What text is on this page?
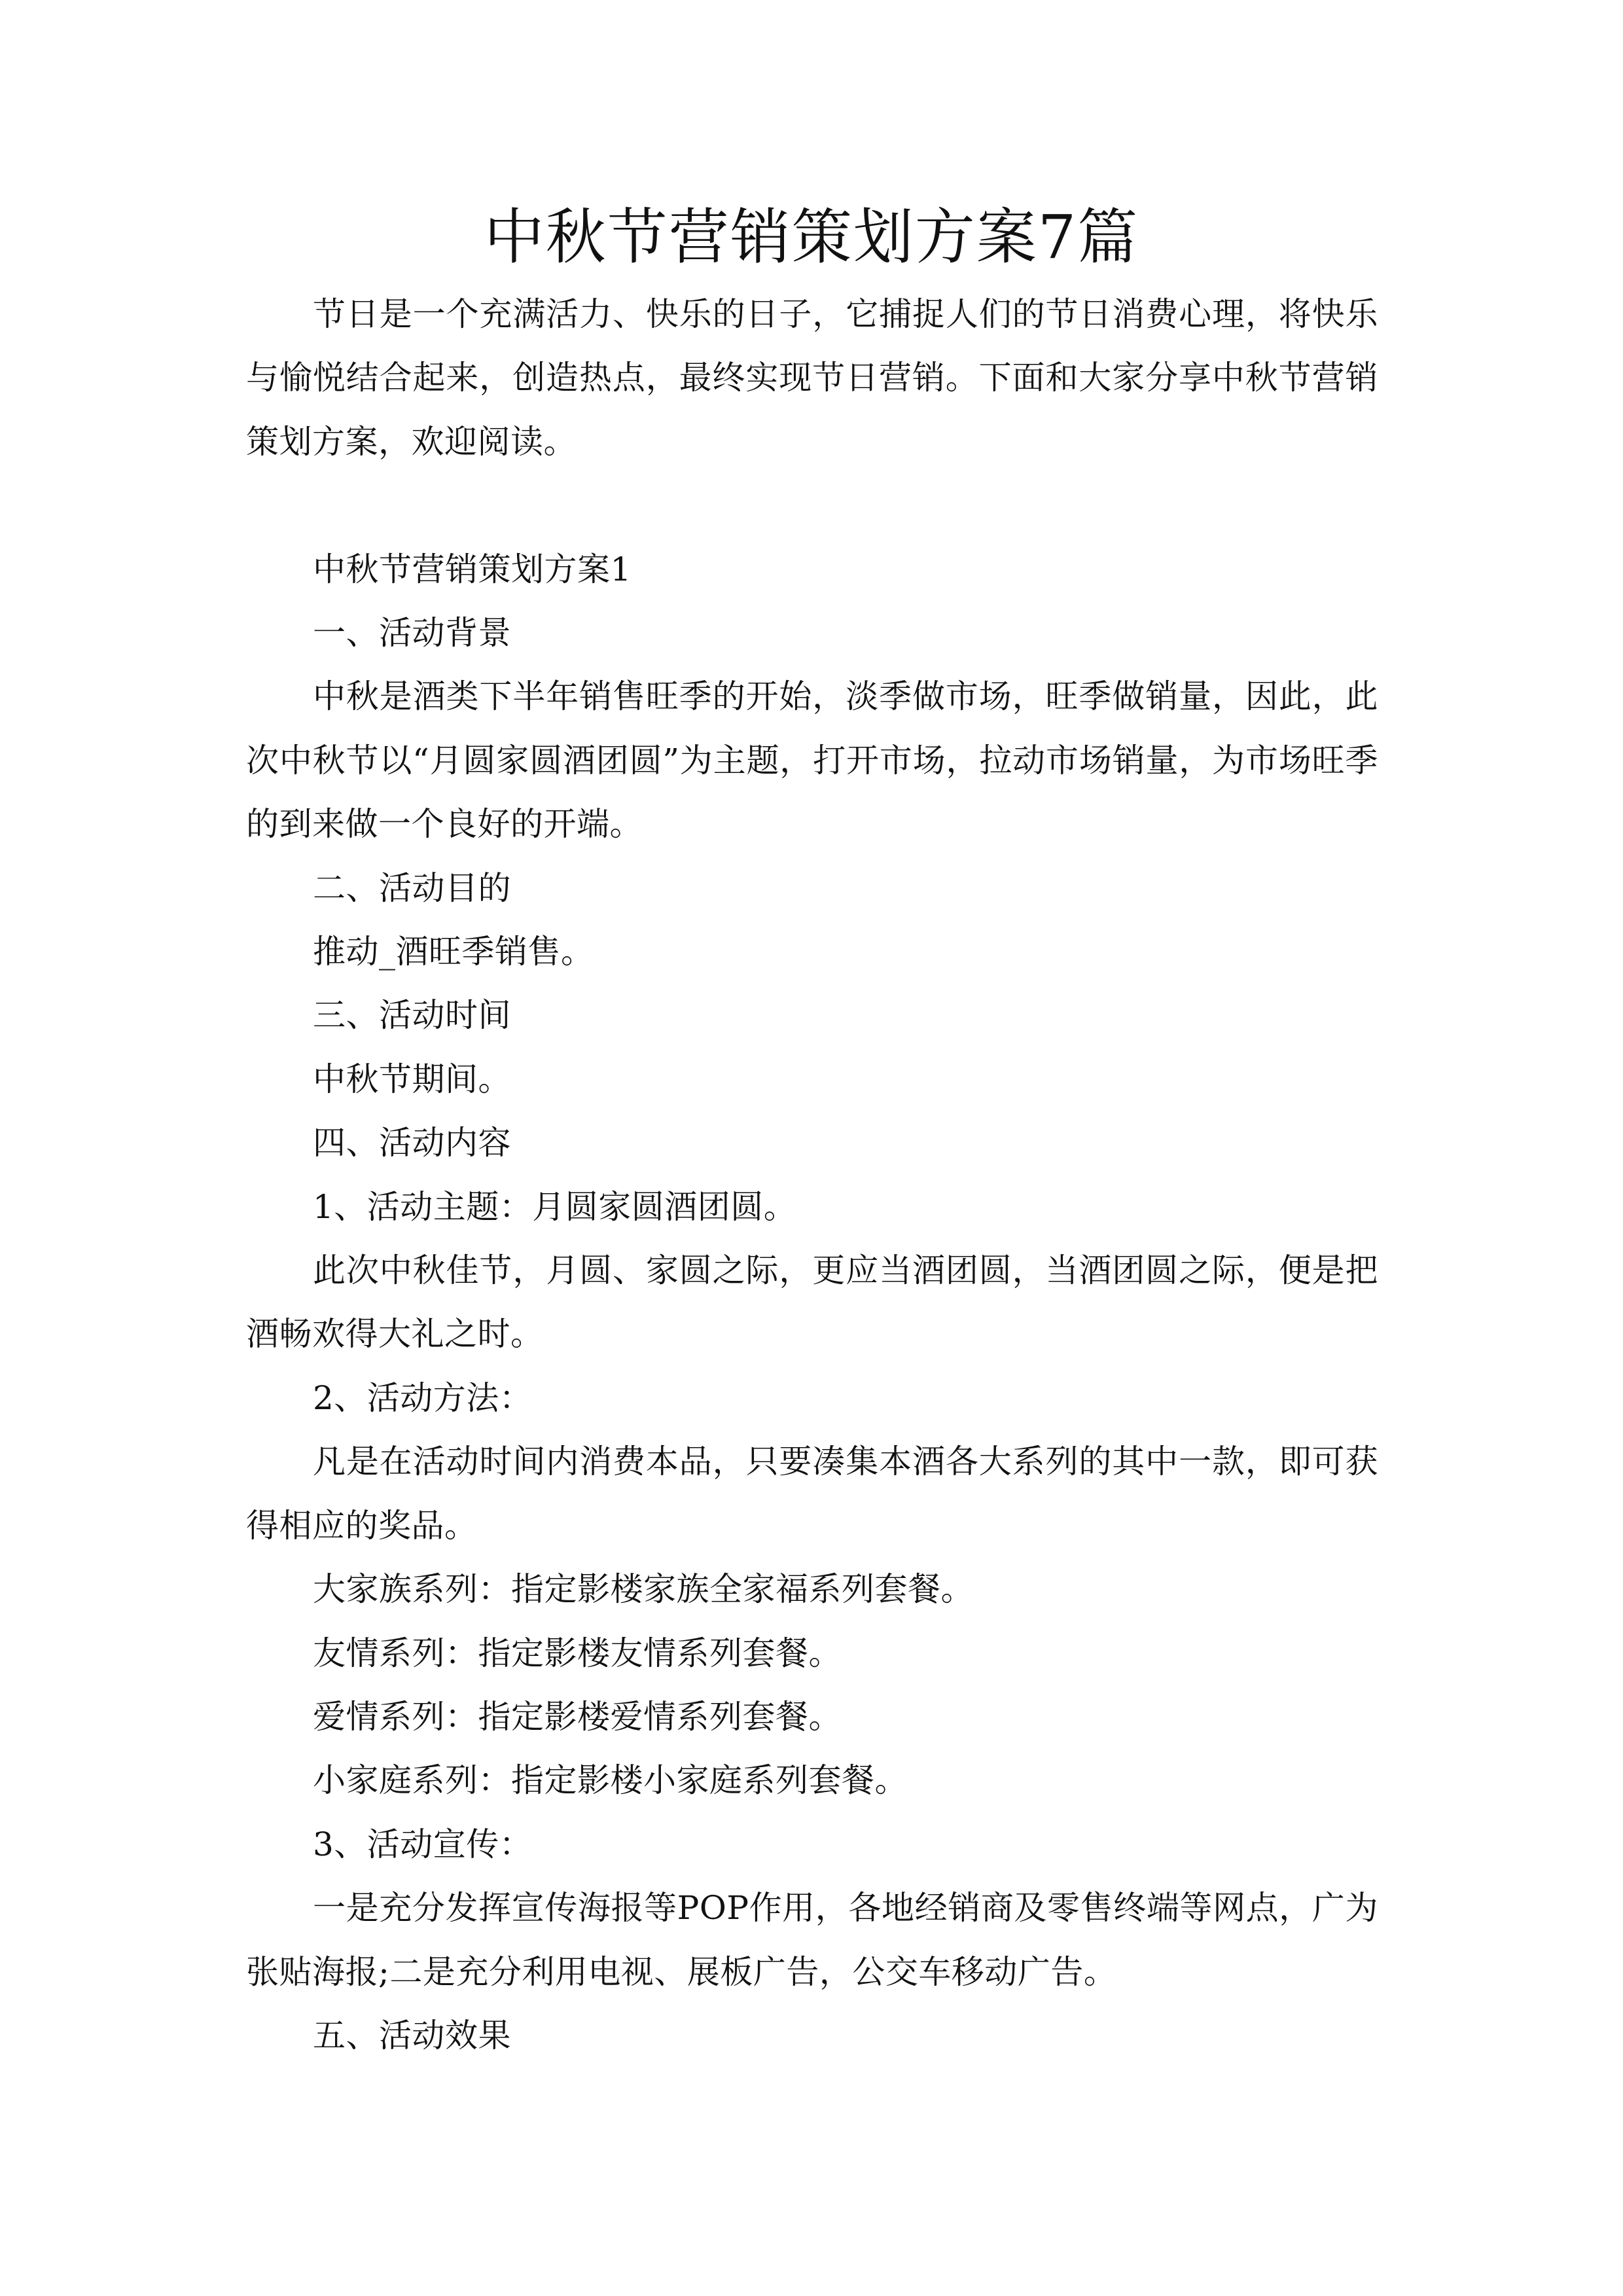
中秋节营销策划方案7篇

节日是一个充满活力、快乐的日子，它捕捉人们的节日消费心理，将快乐与愉悦结合起来，创造热点，最终实现节日营销。下面和大家分享中秋节营销策划方案，欢迎阅读。

中秋节营销策划方案1

一、活动背景

中秋是酒类下半年销售旺季的开始，淡季做市场，旺季做销量，因此，此次中秋节以“月圆家圆酒团圆”为主题，打开市场，拉动市场销量，为市场旺季的到来做一个良好的开端。

二、活动目的

推动_酒旺季销售。

三、活动时间

中秋节期间。

四、活动内容

1、活动主题：月圆家圆酒团圆。

此次中秋佳节，月圆、家圆之际，更应当酒团圆，当酒团圆之际，便是把酒畅欢得大礼之时。

2、活动方法：

凡是在活动时间内消费本品，只要凑集本酒各大系列的其中一款，即可获得相应的奖品。

大家族系列：指定影楼家族全家福系列套餐。

友情系列：指定影楼友情系列套餐。

爱情系列：指定影楼爱情系列套餐。

小家庭系列：指定影楼小家庭系列套餐。

3、活动宣传：

一是充分发挥宣传海报等POP作用，各地经销商及零售终端等网点，广为张贴海报;二是充分利用电视、展板广告，公交车移动广告。

五、活动效果
